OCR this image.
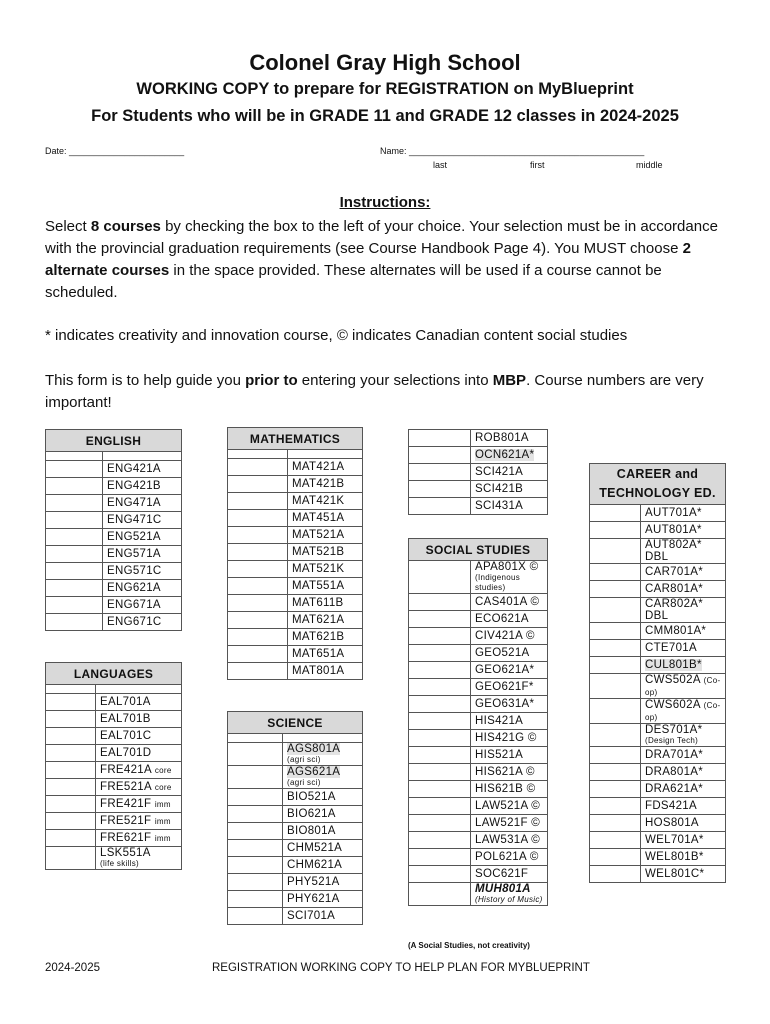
Colonel Gray High School
WORKING COPY to prepare for REGISTRATION on MyBlueprint
For Students who will be in GRADE 11 and GRADE 12 classes in 2024-2025
Date: _______________________	Name: _______________________________________________
last	first	middle
Instructions:
Select 8 courses by checking the box to the left of your choice. Your selection must be in accordance with the provincial graduation requirements (see Course Handbook Page 4). You MUST choose 2 alternate courses in the space provided. These alternates will be used if a course cannot be scheduled.
* indicates creativity and innovation course, © indicates Canadian content social studies
This form is to help guide you prior to entering your selections into MBP. Course numbers are very important!
ENGLISH	

	ENG421A
	ENG421B
	ENG471A
	ENG471C
	ENG521A
	ENG571A
	ENG571C
	ENG621A
	ENG671A
	ENG671C
LANGUAGES	

	EAL701A
	EAL701B
	EAL701C
	EAL701D
	FRE421A core
	FRE521A core
	FRE421F imm
	FRE521F imm
	FRE621F imm
	LSK551A
(life skills)
MATHEMATICS	

	MAT421A
	MAT421B
	MAT421K
	MAT451A
	MAT521A
	MAT521B
	MAT521K
	MAT551A
	MAT611B
	MAT621A
	MAT621B
	MAT651A
	MAT801A
SCIENCE	

	AGS801A
(agri sci)

	AGS621A
(agri sci)

	BIO521A
	BIO621A
	BIO801A
	CHM521A
	CHM621A
	PHY521A
	PHY621A
	SCI701A
	ROB801A
	OCN621A*
	SCI421A
	SCI421B
	SCI431A
SOCIAL STUDIES	
	APA801X ©
(Indigenous studies)

	CAS401A ©
	ECO621A
	CIV421A ©
	GEO521A
	GEO621A*
	GEO621F*
	GEO631A*
	HIS421A
	HIS421G ©
	HIS521A
	HIS621A ©
	HIS621B ©
	LAW521A ©
	LAW521F ©
	LAW531A ©
	POL621A ©
	SOC621F
	MUH801A
(History of Music)
(A Social Studies, not creativity)
CAREER and TECHNOLOGY ED.	
	AUT701A*
	AUT801A*
	AUT802A* DBL
	CAR701A*
	CAR801A*
	CAR802A* DBL
	CMM801A*
	CTE701A
	CUL801B*
	CWS502A (Co-op)
	CWS602A (Co-op)
	DES701A*
(Design Tech)

	DRA701A*
	DRA801A*
	DRA621A*
	FDS421A
	HOS801A
	WEL701A*
	WEL801B*
	WEL801C*
2024-2025	REGISTRATION WORKING COPY TO HELP PLAN FOR MYBLUEPRINT
